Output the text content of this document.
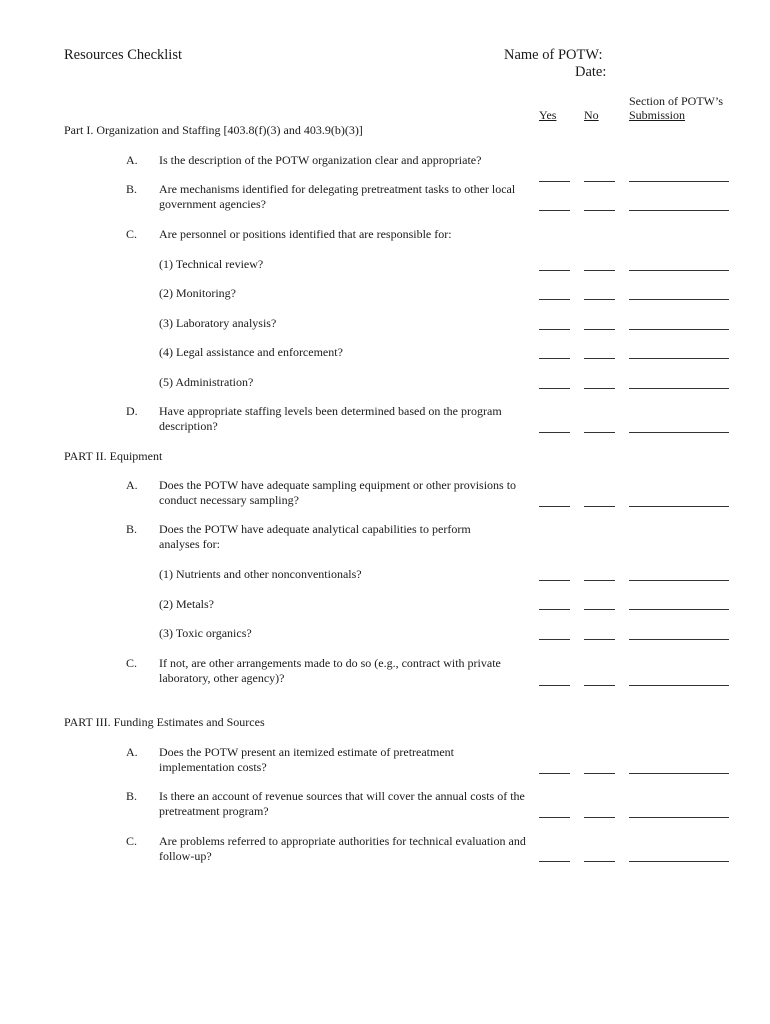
Resources Checklist	Name of POTW:
Date:
Yes No
Section of POTW’s
Submission
Part I. Organization and Staffing [403.8(f)(3) and 403.9(b)(3)]
A. Is the description of the POTW organization clear and appropriate?
B. Are mechanisms identified for delegating pretreatment tasks to other local government agencies?
C. Are personnel or positions identified that are responsible for:
(1) Technical review?
(2) Monitoring?
(3) Laboratory analysis?
(4) Legal assistance and enforcement?
(5) Administration?
D. Have appropriate staffing levels been determined based on the program description?
PART II. Equipment
A. Does the POTW have adequate sampling equipment or other provisions to conduct necessary sampling?
B. Does the POTW have adequate analytical capabilities to perform analyses for:
(1) Nutrients and other nonconventionals?
(2) Metals?
(3) Toxic organics?
C. If not, are other arrangements made to do so (e.g., contract with private laboratory, other agency)?
PART III. Funding Estimates and Sources
A. Does the POTW present an itemized estimate of pretreatment implementation costs?
B. Is there an account of revenue sources that will cover the annual costs of the pretreatment program?
C. Are problems referred to appropriate authorities for technical evaluation and follow-up?
